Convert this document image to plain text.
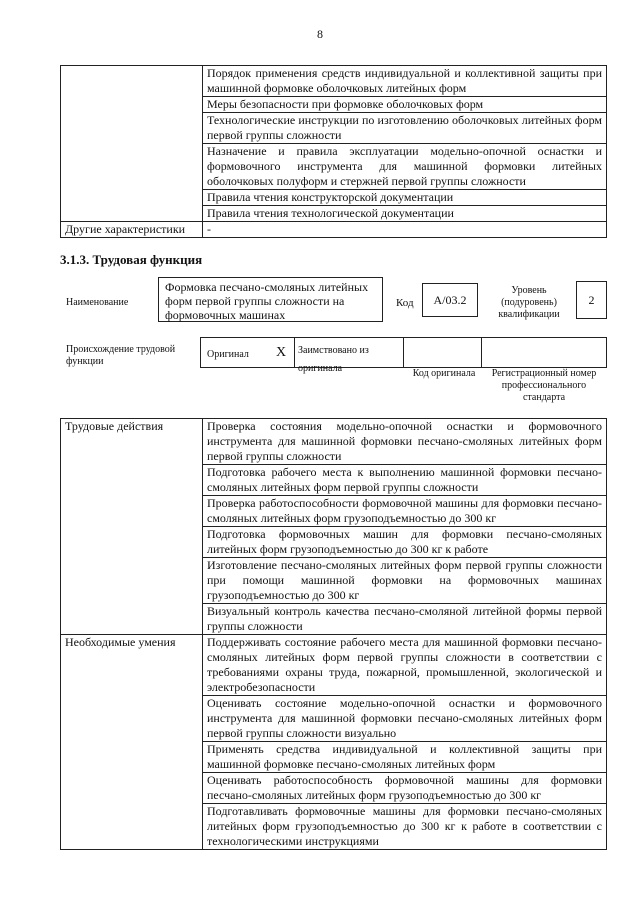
8
	Порядок применения средств индивидуальной и коллективной защиты при машинной формовке оболочковых литейных форм
	Меры безопасности при формовке оболочковых форм
	Технологические инструкции по изготовлению оболочковых литейных форм первой группы сложности
	Назначение и правила эксплуатации модельно-опочной оснастки и формовочного инструмента для машинной формовки литейных оболочковых полуформ и стержней первой группы сложности
	Правила чтения конструкторской документации
	Правила чтения технологической документации
Другие характеристики	-
3.1.3. Трудовая функция
Наименование
Формовка песчано-смоляных литейных форм первой группы сложности на формовочных машинах
Код	A/03.2
Уровень (подуровень) квалификации
2
Происхождение трудовой функции
Оригинал X	Заимствовано из оригинала	Код оригинала	Регистрационный номер профессионального стандарта
Трудовые действия	Проверка состояния модельно-опочной оснастки и формовочного инструмента для машинной формовки песчано-смоляных литейных форм первой группы сложности
	Подготовка рабочего места к выполнению машинной формовки песчано-смоляных литейных форм первой группы сложности
	Проверка работоспособности формовочной машины для формовки песчано-смоляных литейных форм грузоподъемностью до 300 кг
	Подготовка формовочных машин для формовки песчано-смоляных литейных форм грузоподъемностью до 300 кг к работе
	Изготовление песчано-смоляных литейных форм первой группы сложности при помощи машинной формовки на формовочных машинах грузоподъемностью до 300 кг
	Визуальный контроль качества песчано-смоляной литейной формы первой группы сложности
Необходимые умения	Поддерживать состояние рабочего места для машинной формовки песчано-смоляных литейных форм первой группы сложности в соответствии с требованиями охраны труда, пожарной, промышленной, экологической и электробезопасности
	Оценивать состояние модельно-опочной оснастки и формовочного инструмента для машинной формовки песчано-смоляных литейных форм первой группы сложности визуально
	Применять средства индивидуальной и коллективной защиты при машинной формовке песчано-смоляных литейных форм
	Оценивать работоспособность формовочной машины для формовки песчано-смоляных литейных форм грузоподъемностью до 300 кг
	Подготавливать формовочные машины для формовки песчано-смоляных литейных форм грузоподъемностью до 300 кг к работе в соответствии с технологическими инструкциями
